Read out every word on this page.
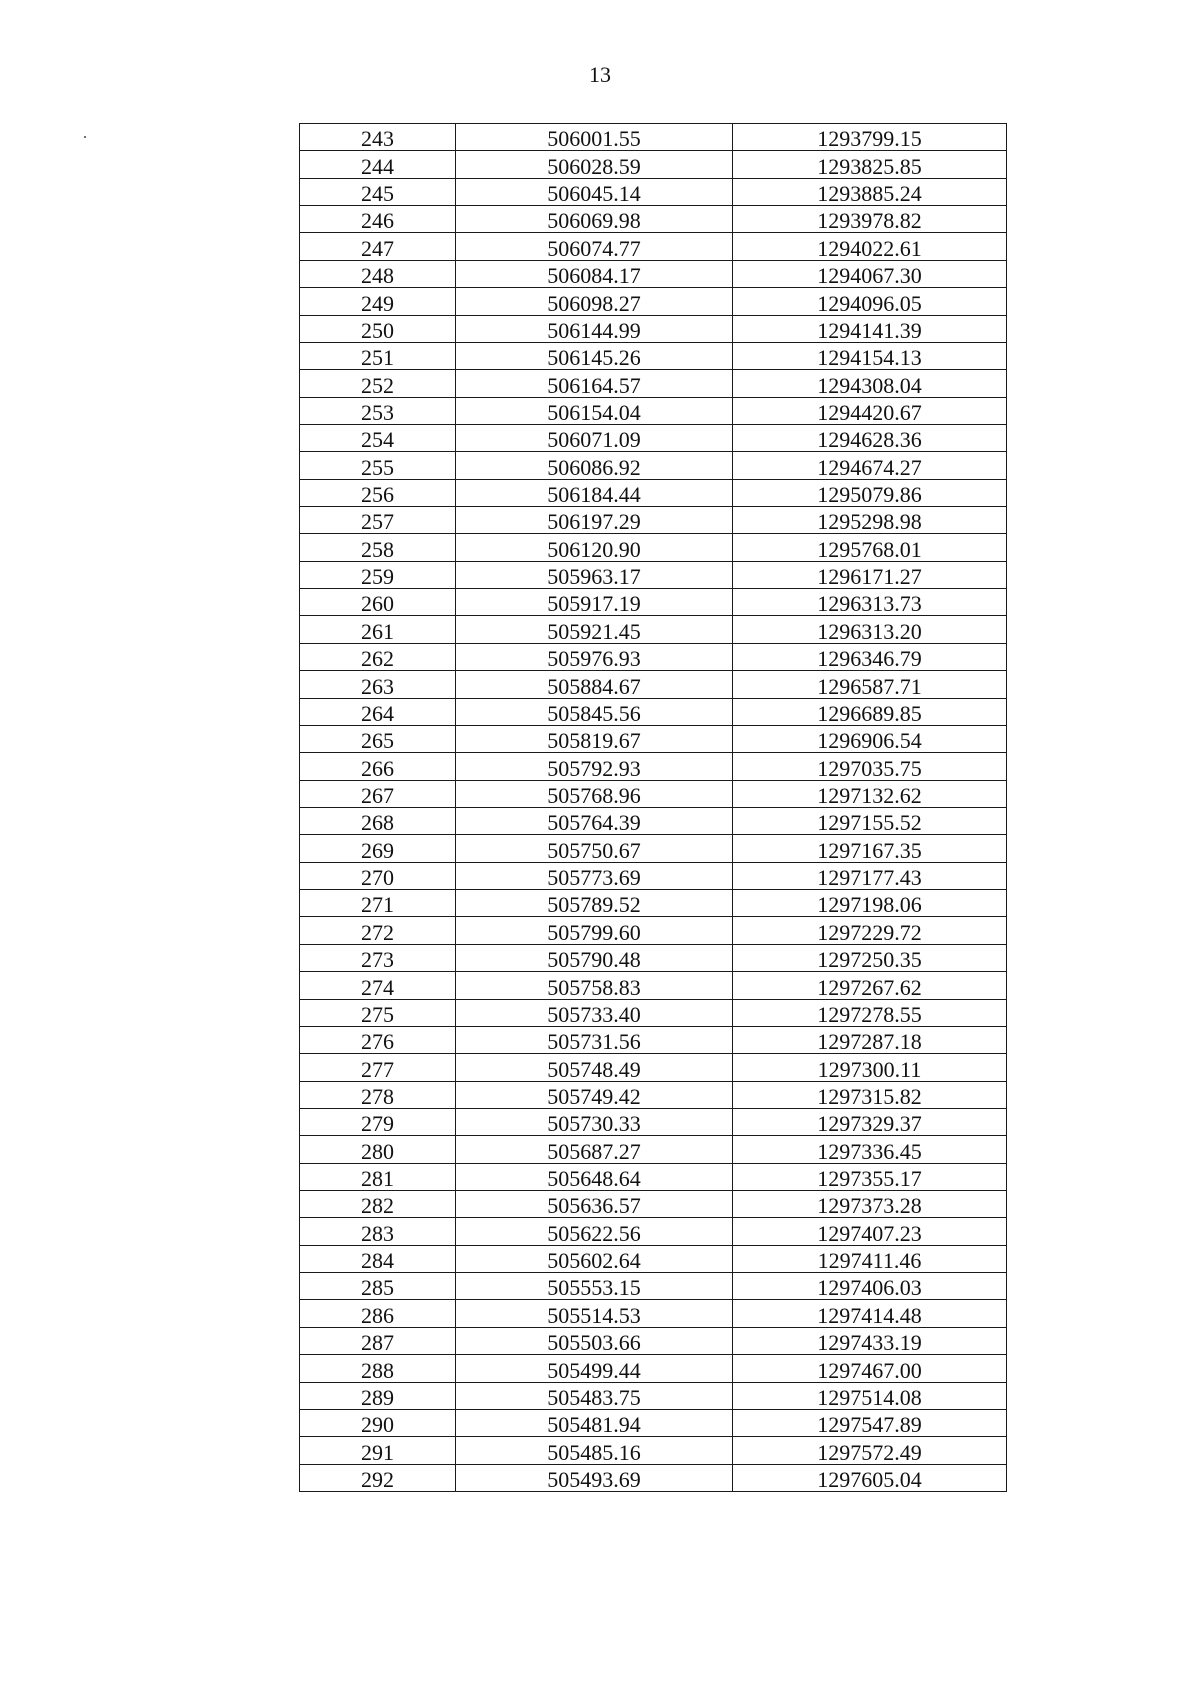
13
243	506001.55	1293799.15
244	506028.59	1293825.85
245	506045.14	1293885.24
246	506069.98	1293978.82
247	506074.77	1294022.61
248	506084.17	1294067.30
249	506098.27	1294096.05
250	506144.99	1294141.39
251	506145.26	1294154.13
252	506164.57	1294308.04
253	506154.04	1294420.67
254	506071.09	1294628.36
255	506086.92	1294674.27
256	506184.44	1295079.86
257	506197.29	1295298.98
258	506120.90	1295768.01
259	505963.17	1296171.27
260	505917.19	1296313.73
261	505921.45	1296313.20
262	505976.93	1296346.79
263	505884.67	1296587.71
264	505845.56	1296689.85
265	505819.67	1296906.54
266	505792.93	1297035.75
267	505768.96	1297132.62
268	505764.39	1297155.52
269	505750.67	1297167.35
270	505773.69	1297177.43
271	505789.52	1297198.06
272	505799.60	1297229.72
273	505790.48	1297250.35
274	505758.83	1297267.62
275	505733.40	1297278.55
276	505731.56	1297287.18
277	505748.49	1297300.11
278	505749.42	1297315.82
279	505730.33	1297329.37
280	505687.27	1297336.45
281	505648.64	1297355.17
282	505636.57	1297373.28
283	505622.56	1297407.23
284	505602.64	1297411.46
285	505553.15	1297406.03
286	505514.53	1297414.48
287	505503.66	1297433.19
288	505499.44	1297467.00
289	505483.75	1297514.08
290	505481.94	1297547.89
291	505485.16	1297572.49
292	505493.69	1297605.04
